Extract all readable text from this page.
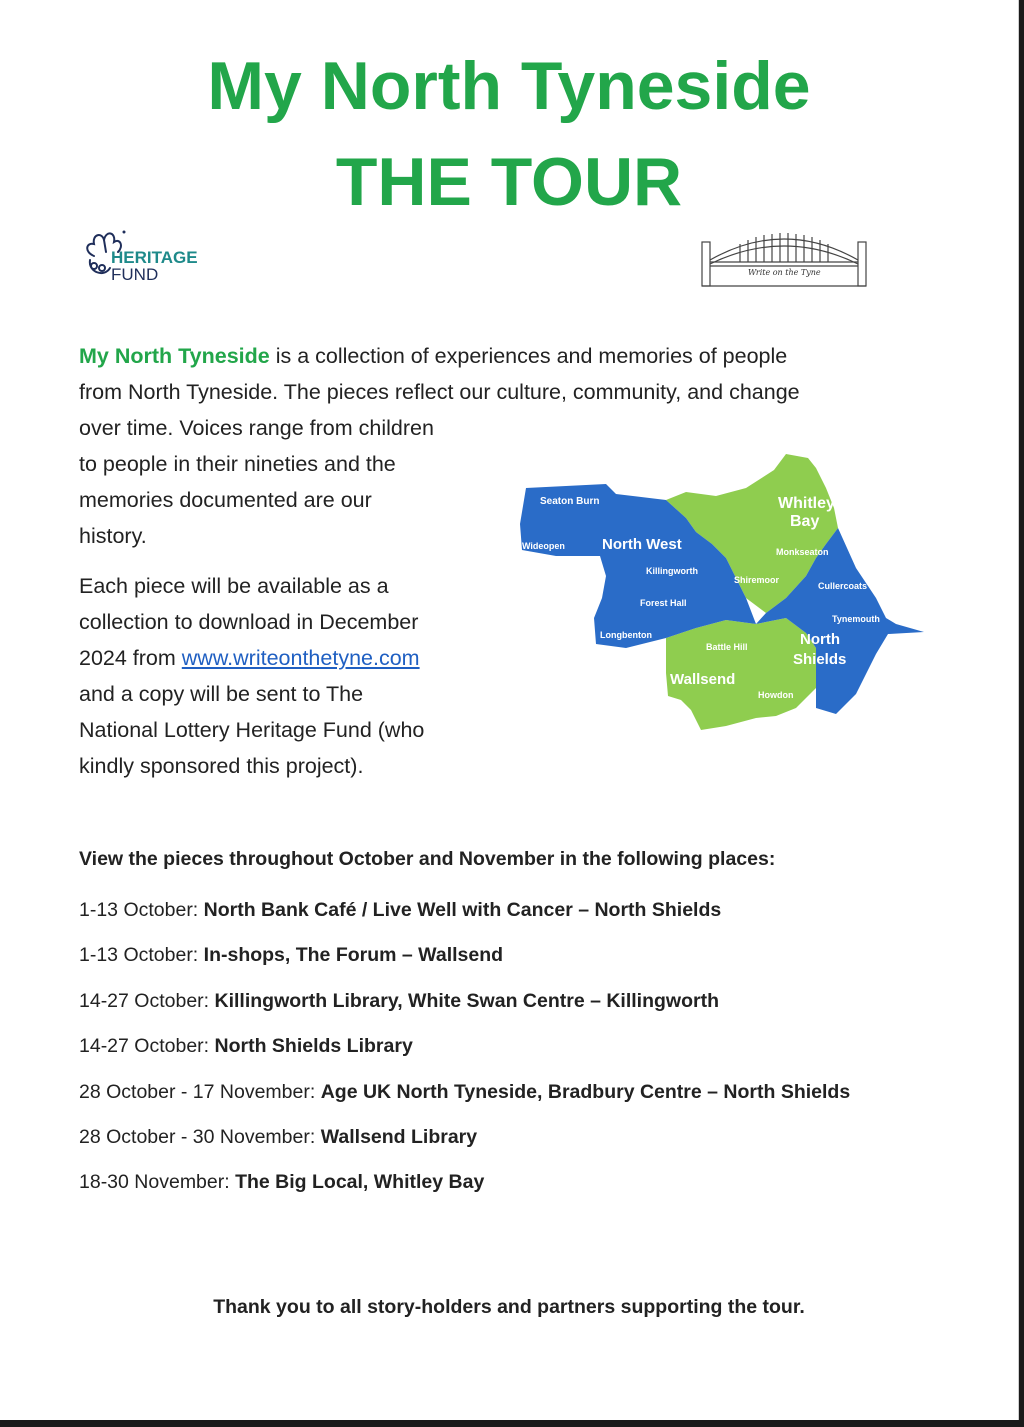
My North Tyneside
THE TOUR
HERITAGE
FUND	Write on the Tyne

My North Tyneside is a collection of experiences and memories of people
from North Tyneside. The pieces reflect our culture, community, and change
over time. Voices range from children
to people in their nineties and the
memories documented are our
history.

Each piece will be available as a
collection to download in December
2024 from www.writeonthetyne.com
and a copy will be sent to The
National Lottery Heritage Fund (who
kindly sponsored this project).

Seaton Burn	Whitley
Bay
Wideopen North West	Monkseaton
Killingworth
Shiremoor
Cullercoats
Forest Hall
Tynemouth
Longbenton	North
Battle Hill
Shields
Wallsend
Howdon

View the pieces throughout October and November in the following places:

1-13 October: North Bank Café / Live Well with Cancer – North Shields
1-13 October: In-shops, The Forum – Wallsend
14-27 October: Killingworth Library, White Swan Centre – Killingworth
14-27 October: North Shields Library
28 October - 17 November: Age UK North Tyneside, Bradbury Centre – North Shields
28 October - 30 November: Wallsend Library
18-30 November: The Big Local, Whitley Bay

Thank you to all story-holders and partners supporting the tour.
